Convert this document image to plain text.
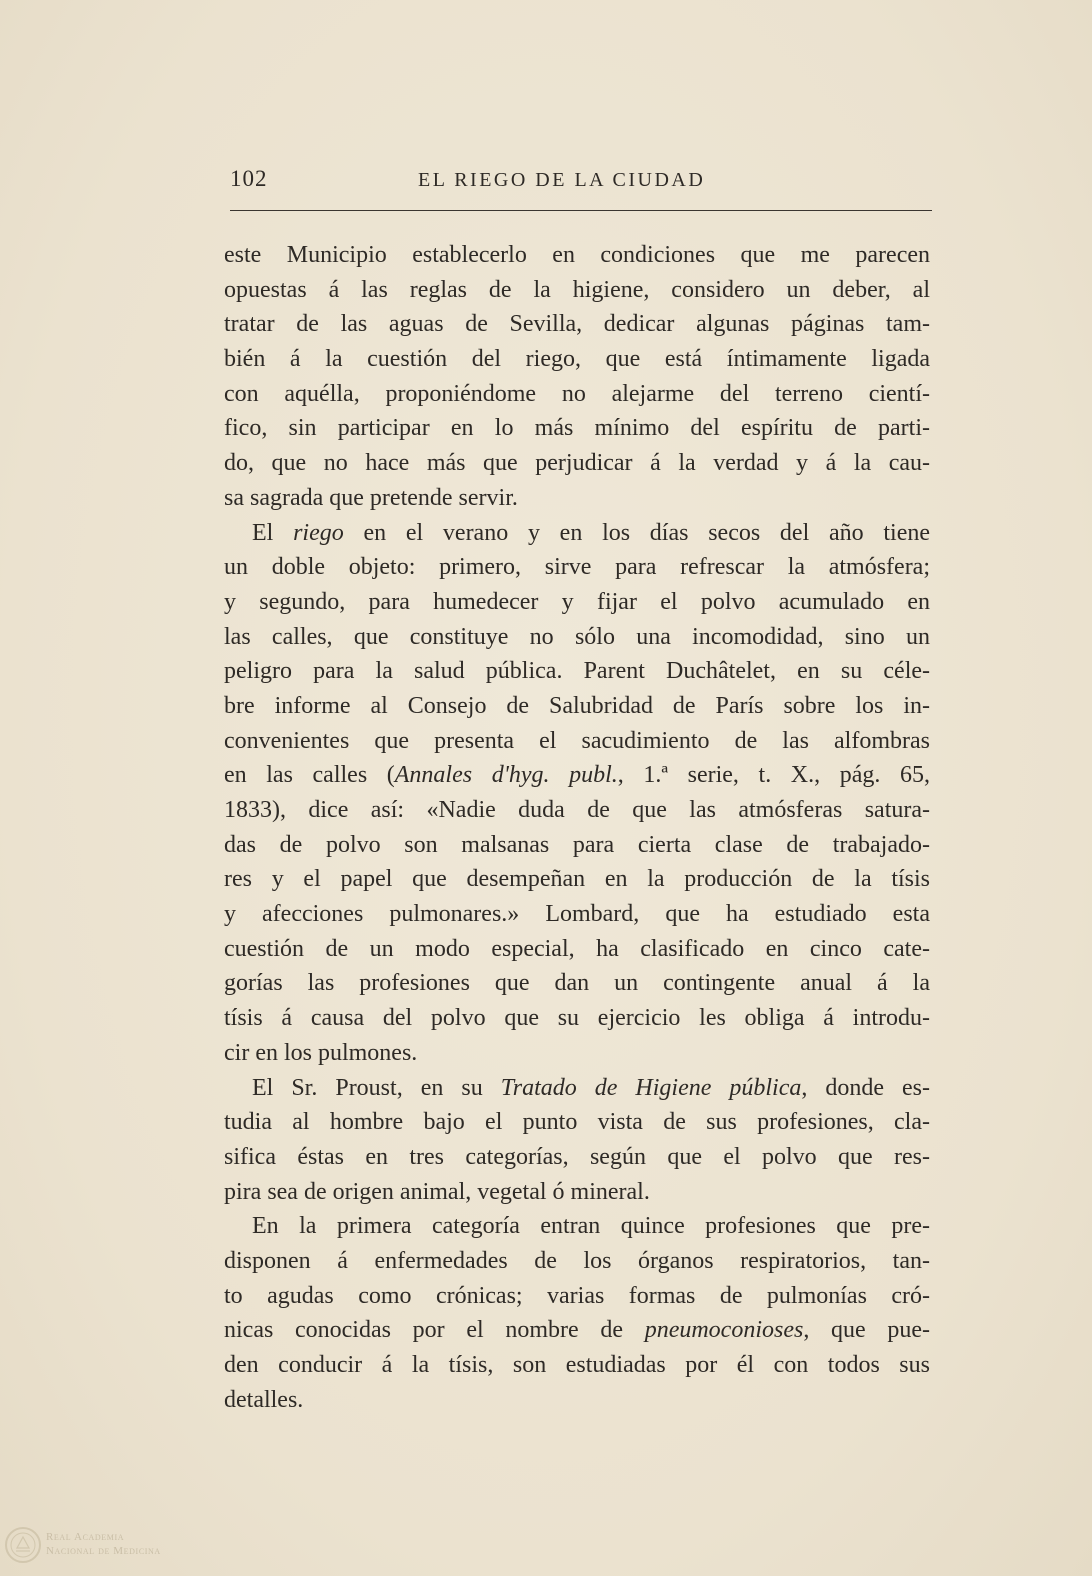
102	EL RIEGO DE LA CIUDAD
este Municipio establecerlo en condiciones que me parecen
opuestas á las reglas de la higiene, considero un deber, al
tratar de las aguas de Sevilla, dedicar algunas páginas tam-
bién á la cuestión del riego, que está íntimamente ligada
con aquélla, proponiéndome no alejarme del terreno cientí-
fico, sin participar en lo más mínimo del espíritu de parti-
do, que no hace más que perjudicar á la verdad y á la cau-
sa sagrada que pretende servir.
El riego en el verano y en los días secos del año tiene
un doble objeto: primero, sirve para refrescar la atmósfera;
y segundo, para humedecer y fijar el polvo acumulado en
las calles, que constituye no sólo una incomodidad, sino un
peligro para la salud pública. Parent Duchâtelet, en su céle-
bre informe al Consejo de Salubridad de París sobre los in-
convenientes que presenta el sacudimiento de las alfombras
en las calles (Annales d'hyg. publ., 1.ª serie, t. X., pág. 65,
1833), dice así: «Nadie duda de que las atmósferas satura-
das de polvo son malsanas para cierta clase de trabajado-
res y el papel que desempeñan en la producción de la tísis
y afecciones pulmonares.» Lombard, que ha estudiado esta
cuestión de un modo especial, ha clasificado en cinco cate-
gorías las profesiones que dan un contingente anual á la
tísis á causa del polvo que su ejercicio les obliga á introdu-
cir en los pulmones.
El Sr. Proust, en su Tratado de Higiene pública, donde es-
tudia al hombre bajo el punto vista de sus profesiones, cla-
sifica éstas en tres categorías, según que el polvo que res-
pira sea de origen animal, vegetal ó mineral.
En la primera categoría entran quince profesiones que pre-
disponen á enfermedades de los órganos respiratorios, tan-
to agudas como crónicas; varias formas de pulmonías cró-
nicas conocidas por el nombre de pneumoconioses, que pue-
den conducir á la tísis, son estudiadas por él con todos sus
detalles.
Real Academia
Nacional de Medicina
